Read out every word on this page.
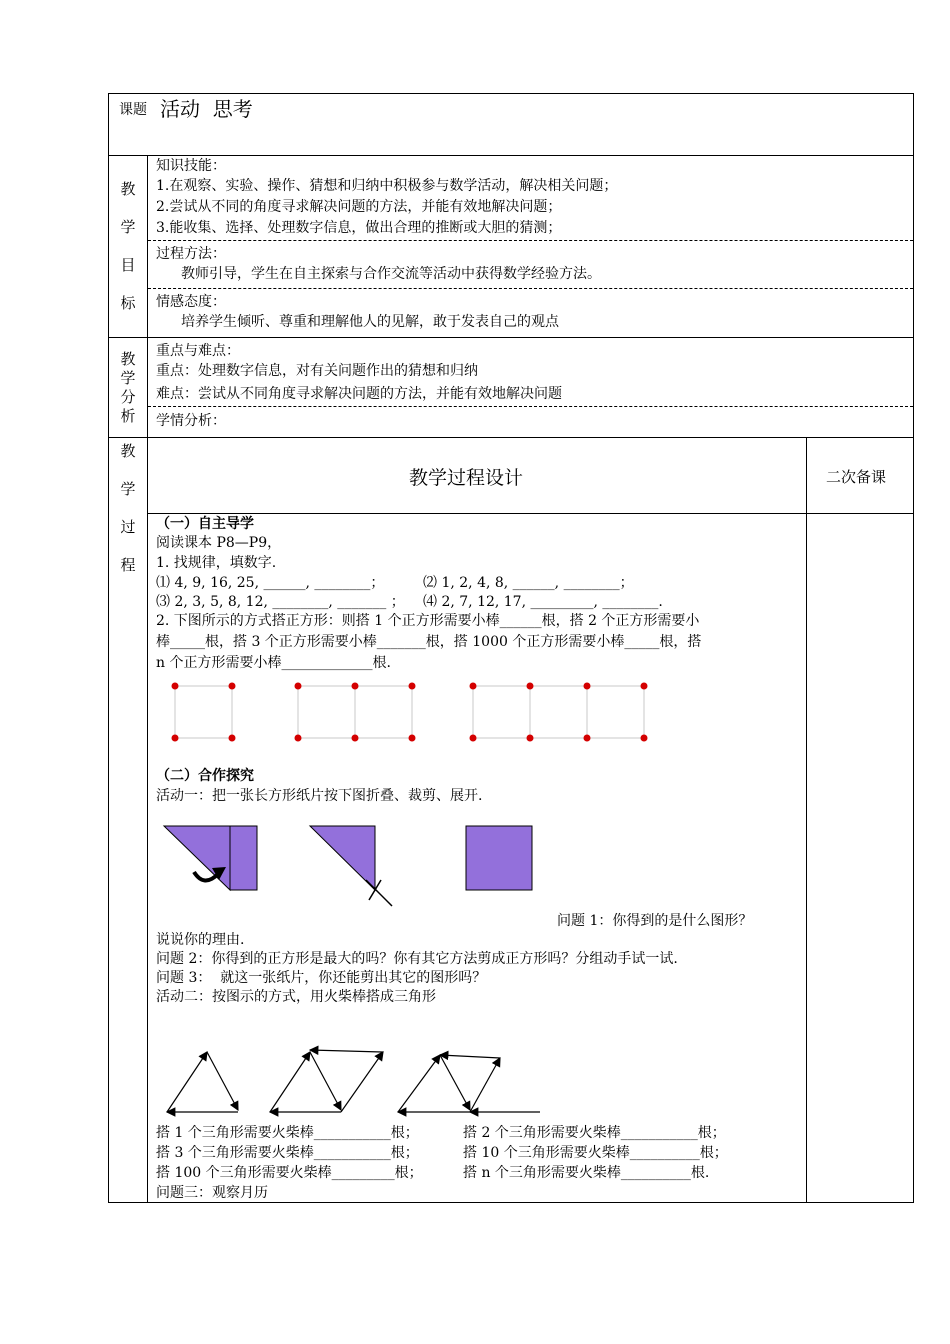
课题 活动  思考
教
学
目
标
知识技能：
1.在观察、实验、操作、猜想和归纳中积极参与数学活动，解决相关问题；
2.尝试从不同的角度寻求解决问题的方法，并能有效地解决问题；
3.能收集、选择、处理数字信息，做出合理的推断或大胆的猜测；
过程方法：
教师引导，学生在自主探索与合作交流等活动中获得数学经验方法。
情感态度：
培养学生倾听、尊重和理解他人的见解，敢于发表自己的观点
教
学
分
析
重点与难点：
重点：处理数字信息，对有关问题作出的猜想和归纳
难点：尝试从不同角度寻求解决问题的方法，并能有效地解决问题
学情分析：
教
学
过
程
教学过程设计	二次备课
（一）自主导学
阅读课本 P8—P9，
1. 找规律，填数字.
⑴ 4, 9, 16, 25, ______, ________；	⑵ 1, 2, 4, 8, ______, ________；
⑶ 2, 3, 5, 8, 12, ________, _______ ； ⑷ 2, 7, 12, 17, _________, ________.
2. 下图所示的方式搭正方形：则搭 1 个正方形需要小棒______根，搭 2 个正方形需要小
棒_____根，搭 3 个正方形需要小棒_______根，搭 1000 个正方形需要小棒_____根，搭
n 个正方形需要小棒_____________根.
（二）合作探究
活动一：把一张长方形纸片按下图折叠、裁剪、展开.
问题 1：你得到的是什么图形？
说说你的理由.
问题 2：你得到的正方形是最大的吗？你有其它方法剪成正方形吗？分组动手试一试.
问题 3：  就这一张纸片，你还能剪出其它的图形吗？
活动二：按图示的方式，用火柴棒搭成三角形
搭 1 个三角形需要火柴棒___________根；	搭 2 个三角形需要火柴棒___________根；
搭 3 个三角形需要火柴棒___________根；	搭 10 个三角形需要火柴棒__________根；
搭 100 个三角形需要火柴棒_________根；	搭 n 个三角形需要火柴棒__________根.
问题三：观察月历
